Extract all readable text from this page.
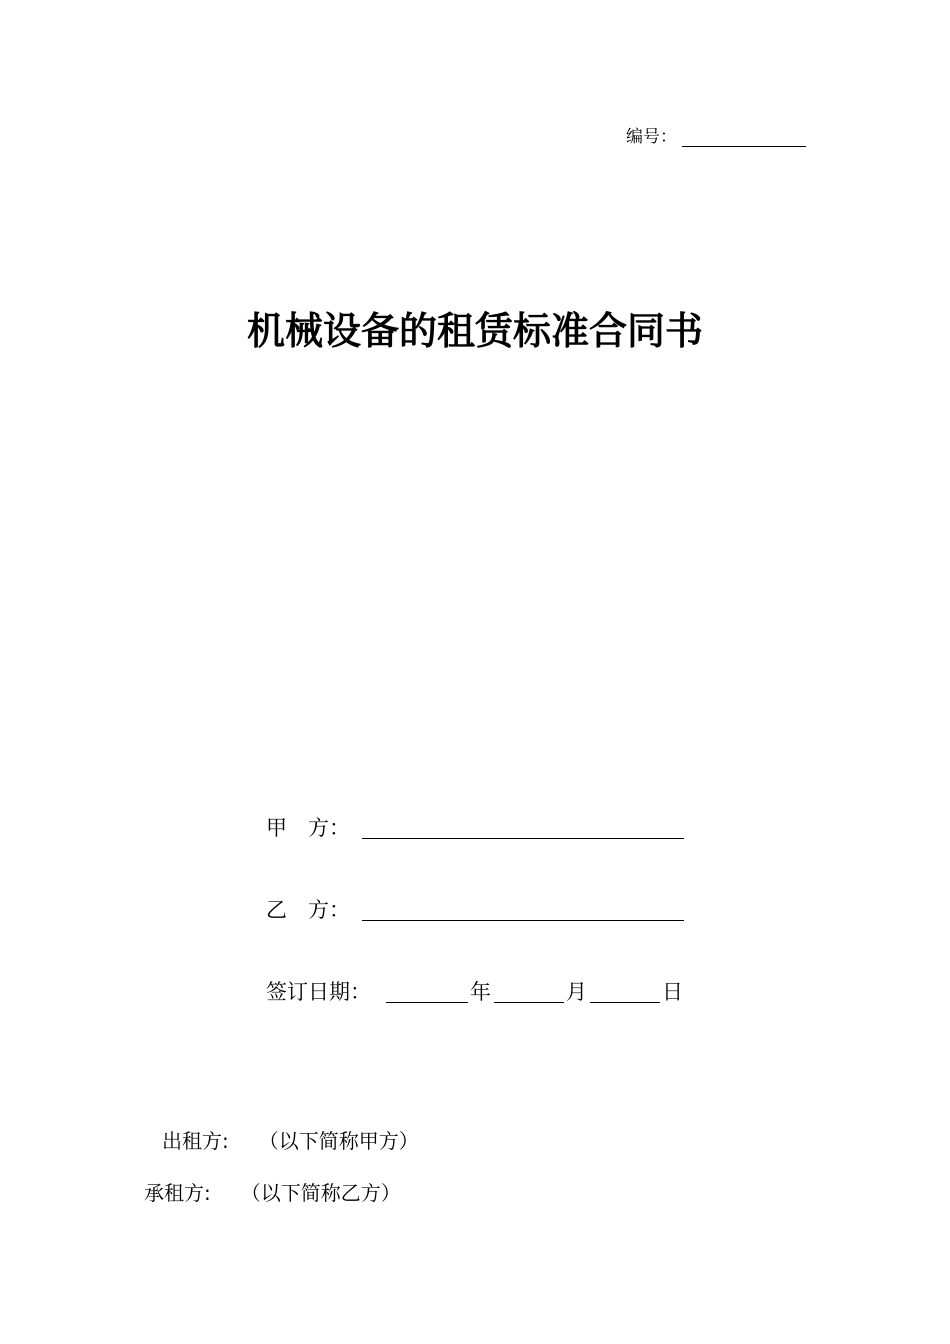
编号：
机械设备的租赁标准合同书
甲　方：
乙　方：
签订日期：	年	月	日
出租方: （以下简称甲方）
承租方: （以下简称乙方）
